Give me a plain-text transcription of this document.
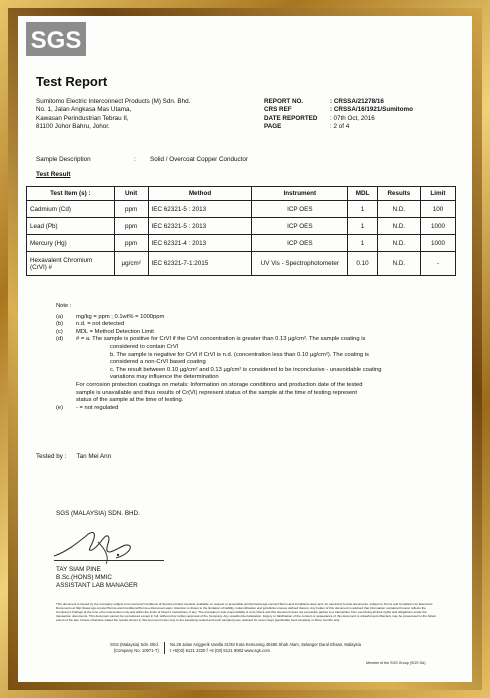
SGS
Test Report
Sumitomo Electric Interconnect Products (M) Sdn. Bhd.
No. 1, Jalan Angkasa Mas Utama,
Kawasan Perindustrian Tebrau II,
81100 Johor Bahru, Johor.
REPORT NO.	: CRSSA/21278/16
CRS REF	: CRSSA/16/1921/Sumitomo
DATE REPORTED	: 07th Oct, 2016
PAGE	: 2 of 4
Sample Description	:	Solid / Overcoat Copper Conductor
Test Result
Test Item (s) :	Unit	Method	Instrument	MDL	Results	Limit
Cadmium (Cd)	ppm	IEC 62321-5 : 2013	ICP OES	1	N.D.	100
Lead (Pb)	ppm	IEC 62321-5 : 2013	ICP OES	1	N.D.	1000
Mercury (Hg)	ppm	IEC 62321-4 : 2013	ICP OES	1	N.D.	1000
Hexavalent Chromium (CrVI) #	µg/cm²	IEC 62321-7-1:2015	UV Vis - Spectrophotometer	0.10	N.D.	-
Note :
(a)	mg/kg = ppm ; 0.1wt% = 1000ppm
(b)	n.d. = not detected
(c)	MDL = Method Detection Limit
(d)	# = a. The sample is positive for CrVI if the CrVI concentration is greater than 0.13 µg/cm². The sample coating is
considered to contain CrVI
b. The sample is negative for CrVI if CrVI is n.d. (concentration less than 0.10 µg/cm²). The coating is
considered a non-CrVI based coating
c. The result between 0.10 µg/cm² and 0.13 µg/cm² is considered to be inconclusive - unavoidable coating
variations may influence the determination
For corrosion protection coatings on metals: Information on storage conditions and production date of the tested
sample is unavailable and thus results of Cr(VI) represent status of the sample at the time of testing represent
status of the sample at the time of testing.
(e)	- = not regulated
Tested by : Tan Mei Ann
SGS (MALAYSIA) SDN. BHD.
TAY SIAM PINE
B.Sc.(HONS) MMIC
ASSISTANT LAB MANAGER
This document is issued by the Company subject to its General Conditions of Service printed overleaf, available on request or accessible at http://www.sgs.com/en/Terms-and-Conditions.aspx and, for electronic format documents, subject to Terms and Conditions for Electronic Documents at http://www.sgs.com/en/Terms-and-Conditions/Terms-e-Document.aspx. Attention is drawn to the limitation of liability, indemnification and jurisdiction issues defined therein. Any holder of this document is advised that information contained hereon reflects the Company's findings at the time of its intervention only and within the limits of Client's instructions, if any. The Company's sole responsibility is to its Client and this document does not exonerate parties to a transaction from exercising all their rights and obligations under the transaction documents. This document cannot be reproduced except in full, without prior written approval of the Company. Any unauthorized alteration, forgery or falsification of the content or appearance of this document is unlawful and offenders may be prosecuted to the fullest extent of the law. Unless otherwise stated the results shown in this test report refer only to the sample(s) tested and such sample(s) are retained for seven days (perishable food samples) or three months only.
SGS (Malaysia) Sdn. Bhd.
(Company No. 10971-T)
No.26 Jalan Anggerik Vanilla 31/93 Kota Kemuning 40460 Shah Alam, Selangor Darul Ehsan, Malaysia
t +6(03) 5121 2320 f +6 (03) 5121 9082 www.sgs.com
Member of the SGS Group (SGS SA)
